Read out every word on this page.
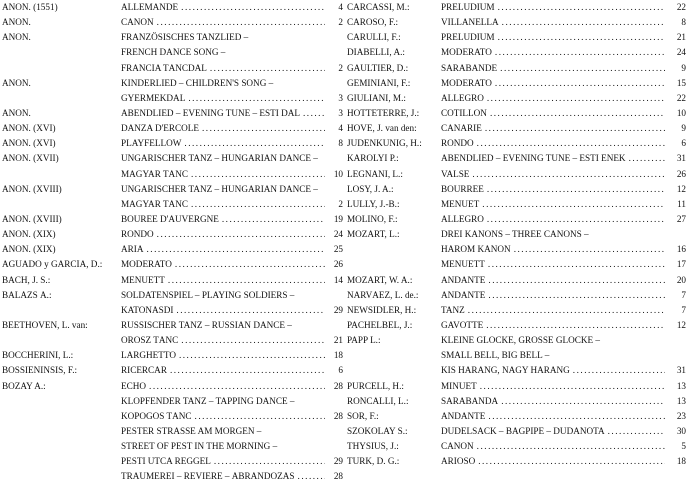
ANON. (1551)	ALLEMANDE .....	4
ANON.	CANON .....	2
ANON.	FRANZÖSISCHES TANZLIED –
FRENCH DANCE SONG –
FRANCIA TÁNCDAL .....	2
ANON.	KINDERLIED – CHILDREN'S SONG –
GYERMEKDAL .....	3
ANON.	ABENDLIED – EVENING TUNE – ESTI DAL .....	3
ANON. (XVI)	DANZA D'ERCOLE .....	4
ANON. (XVI)	PLAYFELLOW .....	8
ANON. (XVII)	UNGARISCHER TANZ – HUNGARIAN DANCE –
MAGYAR TÁNC .....	10
ANON. (XVIII)	UNGARISCHER TANZ – HUNGARIAN DANCE –
MAGYAR TÁNC .....	2
ANON. (XVIII)	BOURÉE D'AUVERGNE .....	19
ANON. (XIX)	RONDO .....	24
ANON. (XIX)	ARIA .....	25
AGUADO y GARCÍA, D.:	MODERATO .....	26
BACH, J. S.:	MENUETT .....	14
BALÁZS Á.:	SOLDATENSPIEL – PLAYING SOLDIERS –
KATONÁSDI .....	29
BEETHOVEN, L. van:	RUSSISCHER TANZ – RUSSIAN DANCE –
OROSZ TÁNC .....	21
BOCCHERINI, L.:	LARGHETTO .....	18
BOSSIENINSIS, F.:	RICERCAR .....	6
BOZAY A.:	ECHO .....	28
KLOPFENDER TANZ – TAPPING DANCE –
KOPOGÓS TÁNC .....	28
PESTER STRASSE AM MORGEN –
STREET OF PEST IN THE MORNING –
PESTI UTCA REGGEL .....	29
TRÄUMEREI – REVIERE – ÁBRÁNDOZÁS .....	28
CARCASSI, M.:	PRELUDIUM .....	22
CAROSO, F.:	VILLANELLA .....	8
CARULLI, F.:	PRELUDIUM .....	21
DIABELLI, A.:	MODERATO .....	24
GAULTIER, D.:	SARABANDE .....	9
GEMINIANI, F.:	MODERATO .....	15
GIULIANI, M.:	ALLEGRO .....	22
HOTTETERRE, J.:	COTILLON .....	10
HOVE, J. van den:	CANARIE .....	9
JUDENKÜNIG, H.:	RONDO .....	6
KÁROLYI P.:	ABENDLIED – EVENING TUNE – ESTI ÉNEK .....	31
LEGNANI, L.:	VALSE .....	26
LOSY, J. A.:	BOURRÉE .....	12
LULLY, J.-B.:	MENUET .....	11
MOLINO, F.:	ALLEGRO .....	27
MOZART, L.:	DREI KANONS – THREE CANONS –
HÁROM KÁNON .....	16
MENUETT .....	17
MOZART, W. A.:	ANDANTE .....	20
NARVÁEZ, L. de.:	ANDANTE .....	7
NEWSIDLER, H.:	TANZ .....	7
PACHELBEL, J.:	GAVOTTE .....	12
PAPP L.:	KLEINE GLOCKE, GROSSE GLOCKE –
SMALL BELL, BIG BELL –
KIS HARANG, NAGY HARANG .....	31
PURCELL, H.:	MINUET .....	13
RONCALLI, L.:	SARABANDA .....	13
SOR, F.:	ANDANTE .....	23
SZOKOLAY S.:	DUDELSACK – BAGPIPE – DUDANÓTA .....	30
THYSIUS, J.:	CANON .....	5
TÜRK, D. G.:	ARIOSO .....	18
